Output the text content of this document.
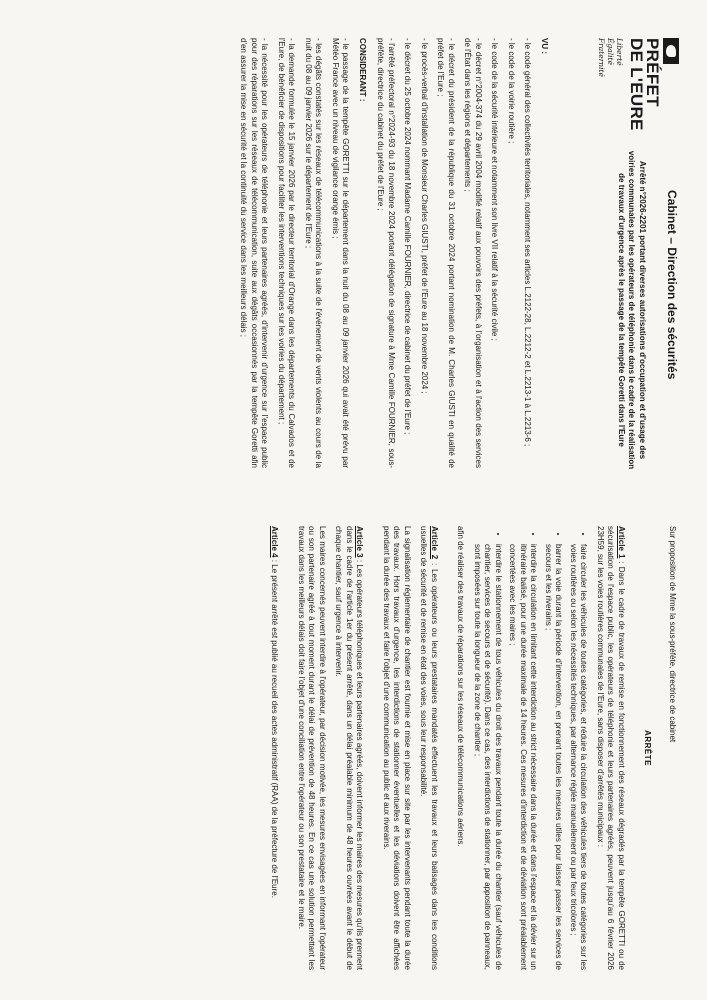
PRÉFET
DE L'EURE
Liberté
Égalité
Fraternité
Cabinet – Direction des sécurités
Arrêté n°2026-2201 portant diverses autorisations d'occupation et d'usage des voiries communales par les opérateurs de téléphonie dans le cadre de la réalisation de travaux d'urgence après le passage de la tempête Goretti dans l'Eure
VU :

- le code général des collectivités territoriales, notamment ses articles L.2122-28, L.2212-2 et L.2213-1 à L.2213-6 ;

- le code de la voirie routière ;

- le code de la sécurité intérieure et notamment son livre VII relatif à la sécurité civile ;

- le décret n°2004-374 du 29 avril 2004 modifié relatif aux pouvoirs des préfets, à l'organisation et à l'action des services de l'État dans les régions et départements ;

- le décret du président de la république du 31 octobre 2024 portant nomination de M. Charles GIUSTI en qualité de préfet de l'Eure ;

- le procès-verbal d'installation de Monsieur Charles GIUSTI, préfet de l'Eure au 18 novembre 2024 ;

- le décret du 25 octobre 2024 nommant Madame Camille FOURNIER, directrice de cabinet du préfet de l'Eure ;

- l'arrêté préfectoral n°2024-93 du 18 novembre 2024 portant délégation de signature à Mme Camille FOURNIER, sous-préfète, directrice du cabinet du préfet de l'Eure ;

CONSIDERANT :

- le passage de la tempête GORETTI sur le département dans la nuit du 08 au 09 janvier 2026 qui avait été prévu par Météo France avec un niveau de vigilance orange émis ;

- les dégâts constatés sur les réseaux de télécommunications à la suite de l'événement de vents violents au cours de la nuit du 08 au 09 janvier 2026 sur le département de l'Eure ;

- la demande formulée le 15 janvier 2026 par le directeur territorial d'Orange dans les départements du Calvados et de l'Eure, de bénéficier de dispositions pour faciliter les interventions techniques sur les voiries du département ;

- la nécessité pour les opérateurs de téléphonie et leurs partenaires agréés, d'intervenir d'urgence sur l'espace public pour des réparations sur les réseaux de télécommunication, suite aux dégâts occasionnés par la tempête Goretti afin d'en assurer la mise en sécurité et la continuité du service dans les meilleurs délais ;

Sur proposition de Mme la sous-préfète, directrice de cabinet

ARRÊTE

Article 1 : Dans le cadre de travaux de remise en fonctionnement des réseaux dégradés par la tempête GORETTI ou de sécurisation de l'espace public, les opérateurs de téléphonie et leurs partenaires agréés, peuvent jusqu'au 6 février 2026 23H59, sur les voies routières communales de l'Eure, sans disposer d'arrêtés municipaux :

• faire circuler les véhicules de toutes catégories, et réduire la circulation des véhicules tiers de toutes catégories sur les voies routières ou selon les nécessités techniques, par alternance réglée manuellement ou par feux tricolores ;
• barrer la voie durant la période d'intervention, en prenant toutes les mesures utiles pour laisser passer les services de secours et les riverains ;
• interdire la circulation en limitant cette interdiction au strict nécessaire dans la durée et dans l'espace et la dévier sur un itinéraire balisé, pour une durée maximale de 14 heures. Ces mesures d'interdiction et de déviation sont préalablement concertées avec les maires ;
• interdire le stationnement de tous véhicules du droit des travaux pendant toute la durée du chantier (sauf véhicules de chantier, services de secours et de sécurité). Dans ce cas, des interdictions de stationner, par apposition de panneaux, sont imposées sur toute la longueur de la zone de chantier ;

afin de réaliser des travaux de réparations sur les réseaux de télécommunications aériens.

Article 2 : Les opérateurs ou leurs prestataires mandatés effectuent les travaux et leurs balisages dans les conditions usuelles de sécurité et de remise en état des voies, sous leur responsabilité.

La signalisation réglementaire de chantier est fournie et mise en place sur site par les intervenants pendant toute la durée des travaux. Hors travaux d'urgence, les interdictions de stationner éventuelles et les déviations doivent être affichées pendant la durée des travaux et faire l'objet d'une communication au public et aux riverains.

Article 3 : Les opérateurs téléphoniques et leurs partenaires agréés, doivent informer les maires des mesures qu'ils prennent dans le cadre de l'article 1er du présent arrêté, dans un délai préalable minimum de 48 heures ouvrées avant le début de chaque chantier, sauf urgence à intervenir.

Les maires concernés peuvent interdire à l'opérateur, par décision motivée, les mesures envisagées en informant l'opérateur ou son partenaire agréé à tout moment durant le délai de prévention de 48 heures. En ce cas une solution permettant les travaux dans les meilleurs délais doit faire l'objet d'une conciliation entre l'opérateur ou son prestataire et le maire.

Article 4 : Le présent arrêté est publié au recueil des actes administratif (RAA) de la préfecture de l'Eure.
